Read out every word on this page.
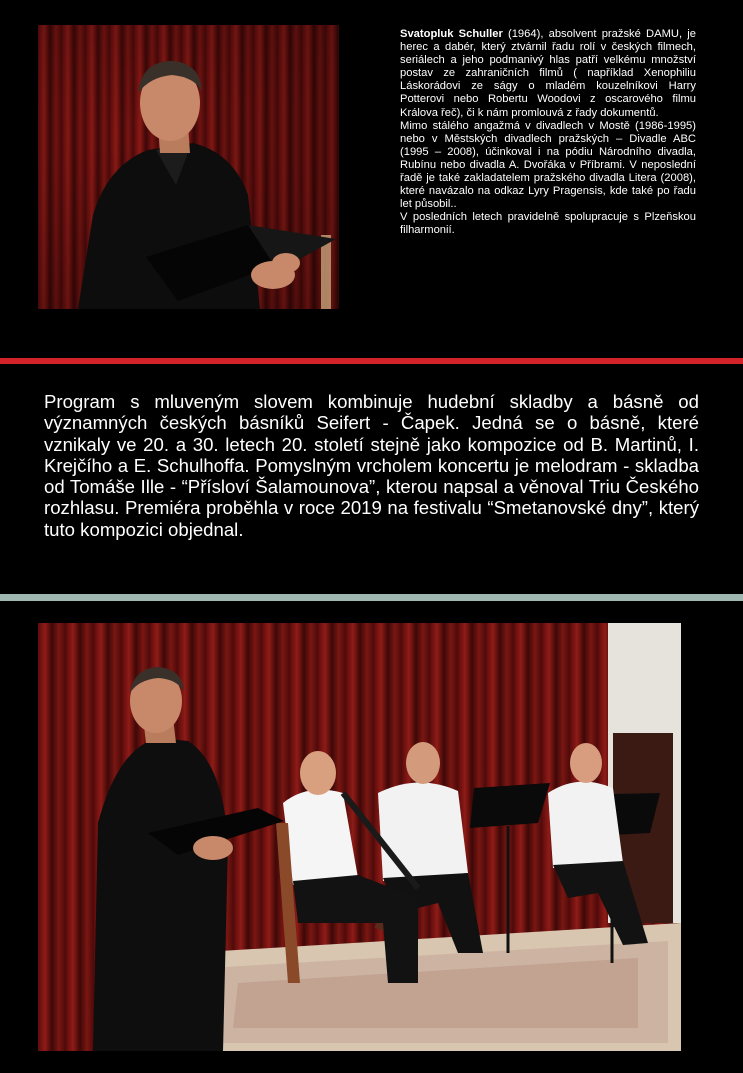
Svatopluk Schuller (1964), absolvent pražské DAMU, je herec a dabér, který ztvárnil řadu rolí v českých filmech, seriálech a jeho podmanivý hlas patří velkému množství postav ze zahraničních filmů ( například Xenophiliu Láskorádovi ze ságy o mladém kouzelníkovi Harry Potterovi nebo Robertu Woodovi z oscarového filmu Králova řeč), či k nám promlouvá z řady dokumentů.

Mimo stálého angažmá v divadlech v Mostě (1986-1995) nebo v Městských divadlech pražských – Divadle ABC (1995 – 2008), účinkoval i na pódiu Národního divadla, Rubínu nebo divadla A. Dvořáka v Příbrami. V neposlední řadě je také zakladatelem pražského divadla Litera (2008), které navázalo na odkaz Lyry Pragensis, kde také po řadu let působil..

V posledních letech pravidelně spolupracuje s Plzeňskou filharmonií.

Program s mluveným slovem kombinuje hudební skladby a básně od významných českých básníků Seifert - Čapek. Jedná se o básně, které vznikaly ve 20. a 30. letech 20. století stejně jako kompozice od B. Martinů, I. Krejčího a E. Schulhoffa. Pomyslným vrcholem koncertu je melodram - skladba od Tomáše Ille - “Přísloví Šalamounova”, kterou napsal a věnoval Triu Českého rozhlasu. Premiéra proběhla v roce 2019 na festivalu “Smetanovské dny”, který tuto kompozici objednal.
